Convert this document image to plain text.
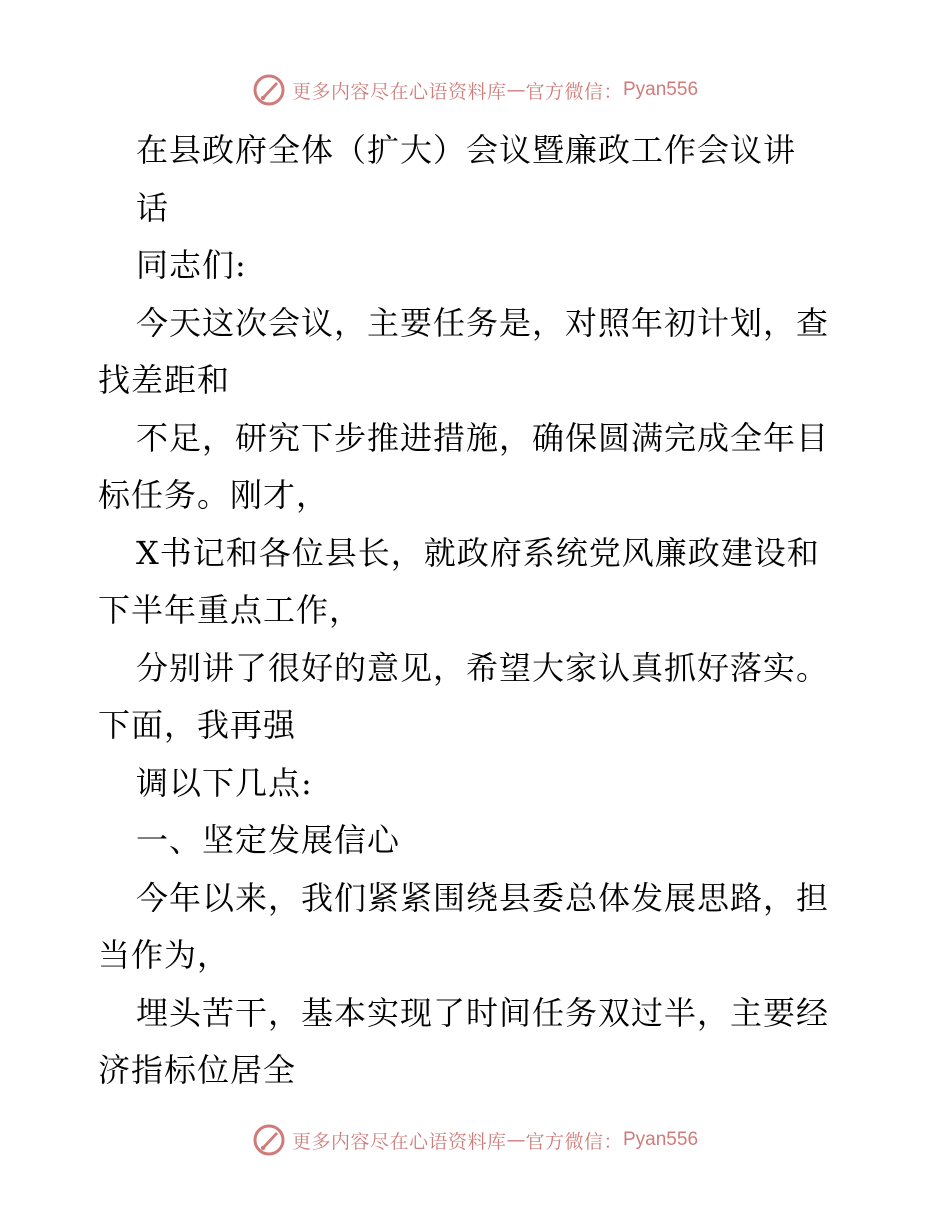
更多内容尽在心语资料库 — 官方微信： Pyan556
在县政府全体（扩大）会议暨廉政工作会议讲
话
同志们:
今天这次会议，主要任务是，对照年初计划，查
找差距和
不足，研究下步推进措施，确保圆满完成全年目
标任务。刚才，
X书记和各位县长，就政府系统党风廉政建设和
下半年重点工作，
分别讲了很好的意见，希望大家认真抓好落实。
下面，我再强
调以下几点:
一、坚定发展信心
今年以来，我们紧紧围绕县委总体发展思路，担
当作为，
埋头苦干，基本实现了时间任务双过半，主要经
济指标位居全
更多内容尽在心语资料库 — 官方微信： Pyan556
